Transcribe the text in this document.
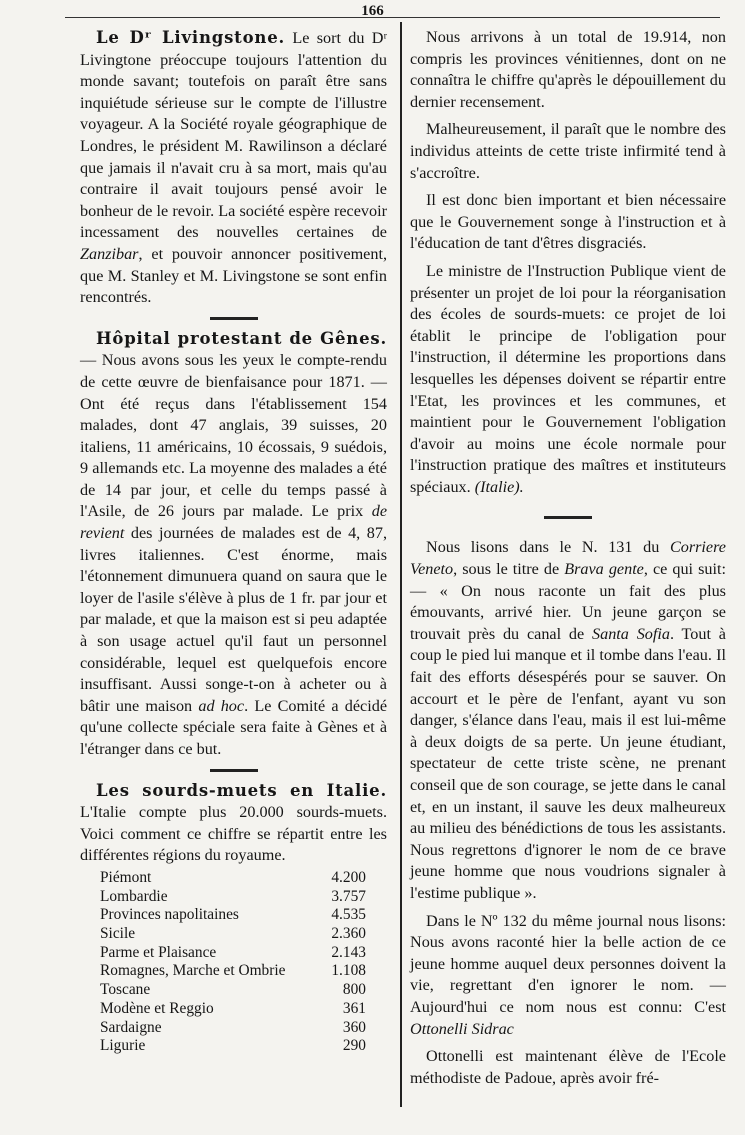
166

Le Dʳ Livingstone. Le sort du Dʳ Livingtone préoccupe toujours l'attention du monde savant; toutefois on paraît être sans inquiétude sérieuse sur le compte de l'illustre voyageur. A la Société royale géographique de Londres, le président M. Rawilinson a déclaré que jamais il n'avait cru à sa mort, mais qu'au contraire il avait toujours pensé avoir le bonheur de le revoir. La société espère recevoir incessament des nouvelles certaines de Zanzibar, et pouvoir annoncer positivement, que M. Stanley et M. Livingstone se sont enfin rencontrés.

Hôpital protestant de Gênes. — Nous avons sous les yeux le compte-rendu de cette œuvre de bienfaisance pour 1871. — Ont été reçus dans l'établissement 154 malades, dont 47 anglais, 39 suisses, 20 italiens, 11 américains, 10 écossais, 9 suédois, 9 allemands etc. La moyenne des malades a été de 14 par jour, et celle du temps passé à l'Asile, de 26 jours par malade. Le prix de revient des journées de malades est de 4, 87, livres italiennes. C'est énorme, mais l'étonnement dimunuera quand on saura que le loyer de l'asile s'élève à plus de 1 fr. par jour et par malade, et que la maison est si peu adaptée à son usage actuel qu'il faut un personnel considérable, lequel est quelquefois encore insuffisant. Aussi songe-t-on à acheter ou à bâtir une maison ad hoc. Le Comité a décidé qu'une collecte spéciale sera faite à Gènes et à l'étranger dans ce but.

Les sourds-muets en Italie. L'Italie compte plus 20.000 sourds-muets. Voici comment ce chiffre se répartit entre les différentes régions du royaume.

Piémont	4.200
Lombardie	3.757
Provinces napolitaines	4.535
Sicile	2.360
Parme et Plaisance	2.143
Romagnes, Marche et Ombrie	1.108
Toscane	800
Modène et Reggio	361
Sardaigne	360
Ligurie	290

Nous arrivons à un total de 19.914, non compris les provinces vénitiennes, dont on ne connaîtra le chiffre qu'après le dépouillement du dernier recensement.

Malheureusement, il paraît que le nombre des individus atteints de cette triste infirmité tend à s'accroître.

Il est donc bien important et bien nécessaire que le Gouvernement songe à l'instruction et à l'éducation de tant d'êtres disgraciés.

Le ministre de l'Instruction Publique vient de présenter un projet de loi pour la réorganisation des écoles de sourds-muets: ce projet de loi établit le principe de l'obligation pour l'instruction, il détermine les proportions dans lesquelles les dépenses doivent se répartir entre l'Etat, les provinces et les communes, et maintient pour le Gouvernement l'obligation d'avoir au moins une école normale pour l'instruction pratique des maîtres et instituteurs spéciaux. (Italie).

Nous lisons dans le N. 131 du Corriere Veneto, sous le titre de Brava gente, ce qui suit: — « On nous raconte un fait des plus émouvants, arrivé hier. Un jeune garçon se trouvait près du canal de Santa Sofia. Tout à coup le pied lui manque et il tombe dans l'eau. Il fait des efforts désespérés pour se sauver. On accourt et le père de l'enfant, ayant vu son danger, s'élance dans l'eau, mais il est lui-même à deux doigts de sa perte. Un jeune étudiant, spectateur de cette triste scène, ne prenant conseil que de son courage, se jette dans le canal et, en un instant, il sauve les deux malheureux au milieu des bénédictions de tous les assistants. Nous regrettons d'ignorer le nom de ce brave jeune homme que nous voudrions signaler à l'estime publique ».

Dans le Nº 132 du même journal nous lisons: Nous avons raconté hier la belle action de ce jeune homme auquel deux personnes doivent la vie, regrettant d'en ignorer le nom. — Aujourd'hui ce nom nous est connu: C'est Ottonelli Sidrac

Ottonelli est maintenant élève de l'Ecole méthodiste de Padoue, après avoir fré-
